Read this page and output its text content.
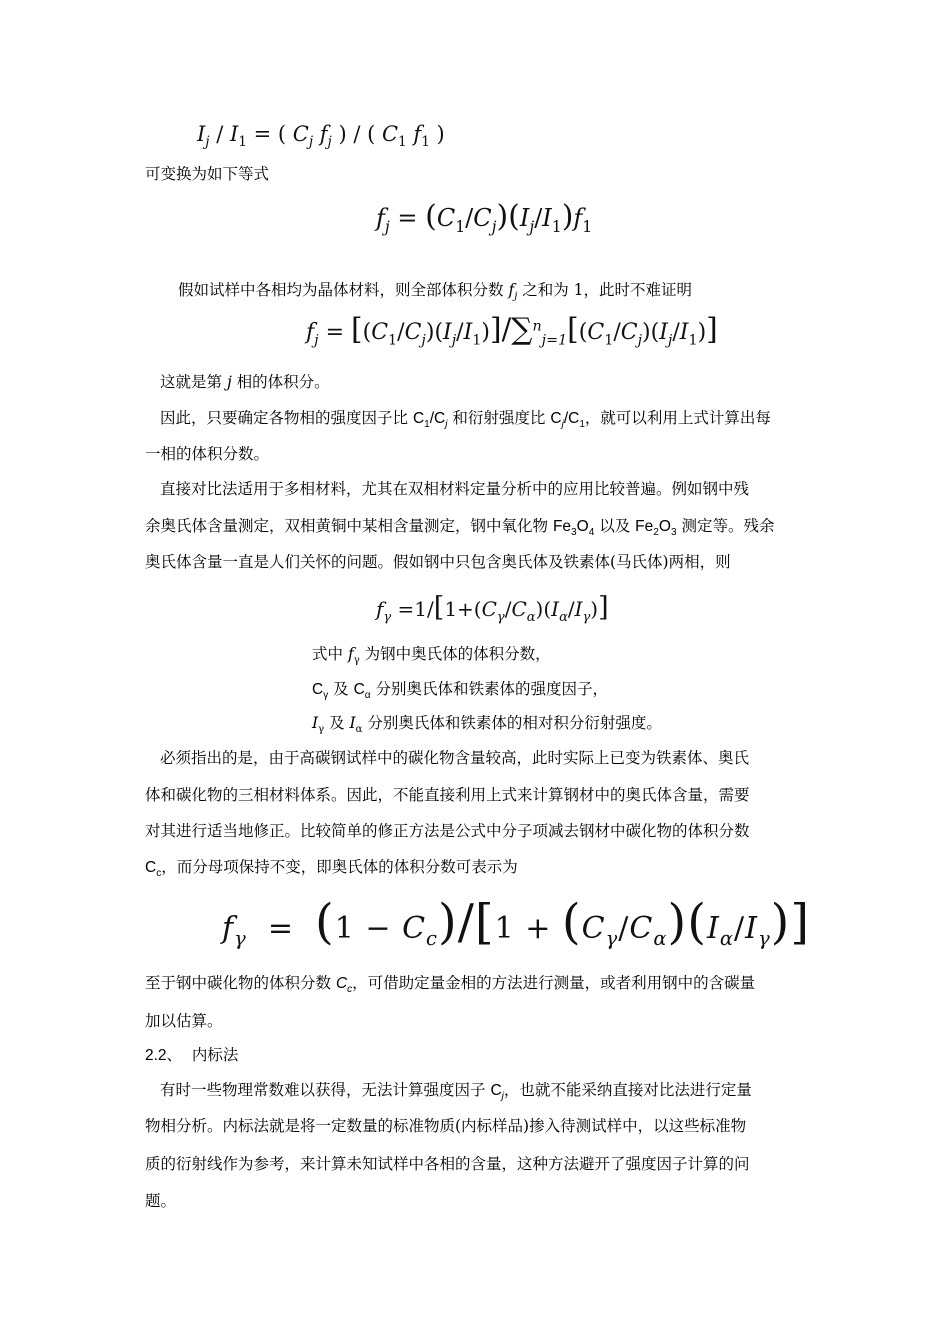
$I_j / I_1$ = ( $C_j$ $f_j$ ) / ( $C_1$ $f_1$ )
可变换为如下等式
$f_j = (C_1/C_j)(I_j/I_1)f_1$
假如试样中各相均为晶体材料，则全部体积分数 $f_j$ 之和为 1，此时不难证明
$f_j = [(C_1/C_j)(I_j/I_1)]/\sum^n_{j=1}[(C_1/C_j)(I_j/I_1)]$
这就是第 j 相的体积分。
因此，只要确定各物相的强度因子比 $C_1/C_j$ 和衍射强度比 $C_j/C_1$，就可以利用上式计算出每
一相的体积分数。
直接对比法适用于多相材料，尤其在双相材料定量分析中的应用比较普遍。例如钢中残
余奥氏体含量测定，双相黄铜中某相含量测定，钢中氧化物 $Fe_3O_4$ 以及 $Fe_2O_3$ 测定等。残余
奥氏体含量一直是人们关怀的问题。假如钢中只包含奥氏体及铁素体(马氏体)两相，则
$f_\gamma =1/[1+(C_\gamma/C_\alpha)(I_\alpha/I_\gamma)]$
式中 $f_\gamma$ 为钢中奥氏体的体积分数，
$C_\gamma$ 及 $C_\alpha$ 分别奥氏体和铁素体的强度因子，
$I_\gamma$ 及 $I_\alpha$ 分别奥氏体和铁素体的相对积分衍射强度。
必须指出的是，由于高碳钢试样中的碳化物含量较高，此时实际上已变为铁素体、奥氏
体和碳化物的三相材料体系。因此，不能直接利用上式来计算钢材中的奥氏体含量，需要
对其进行适当地修正。比较简单的修正方法是公式中分子项减去钢材中碳化物的体积分数
$C_c$，而分母项保持不变，即奥氏体的体积分数可表示为
$f_\gamma = (1 - C_c)/[1 + (C_\gamma/C_\alpha)(I_\alpha/I_\gamma)]$
至于钢中碳化物的体积分数 $C_c$，可借助定量金相的方法进行测量，或者利用钢中的含碳量
加以估算。
2.2、 内标法
有时一些物理常数难以获得，无法计算强度因子 $C_j$，也就不能采纳直接对比法进行定量
物相分析。内标法就是将一定数量的标准物质(内标样品)掺入待测试样中，以这些标准物
质的衍射线作为参考，来计算未知试样中各相的含量，这种方法避开了强度因子计算的问
题。
